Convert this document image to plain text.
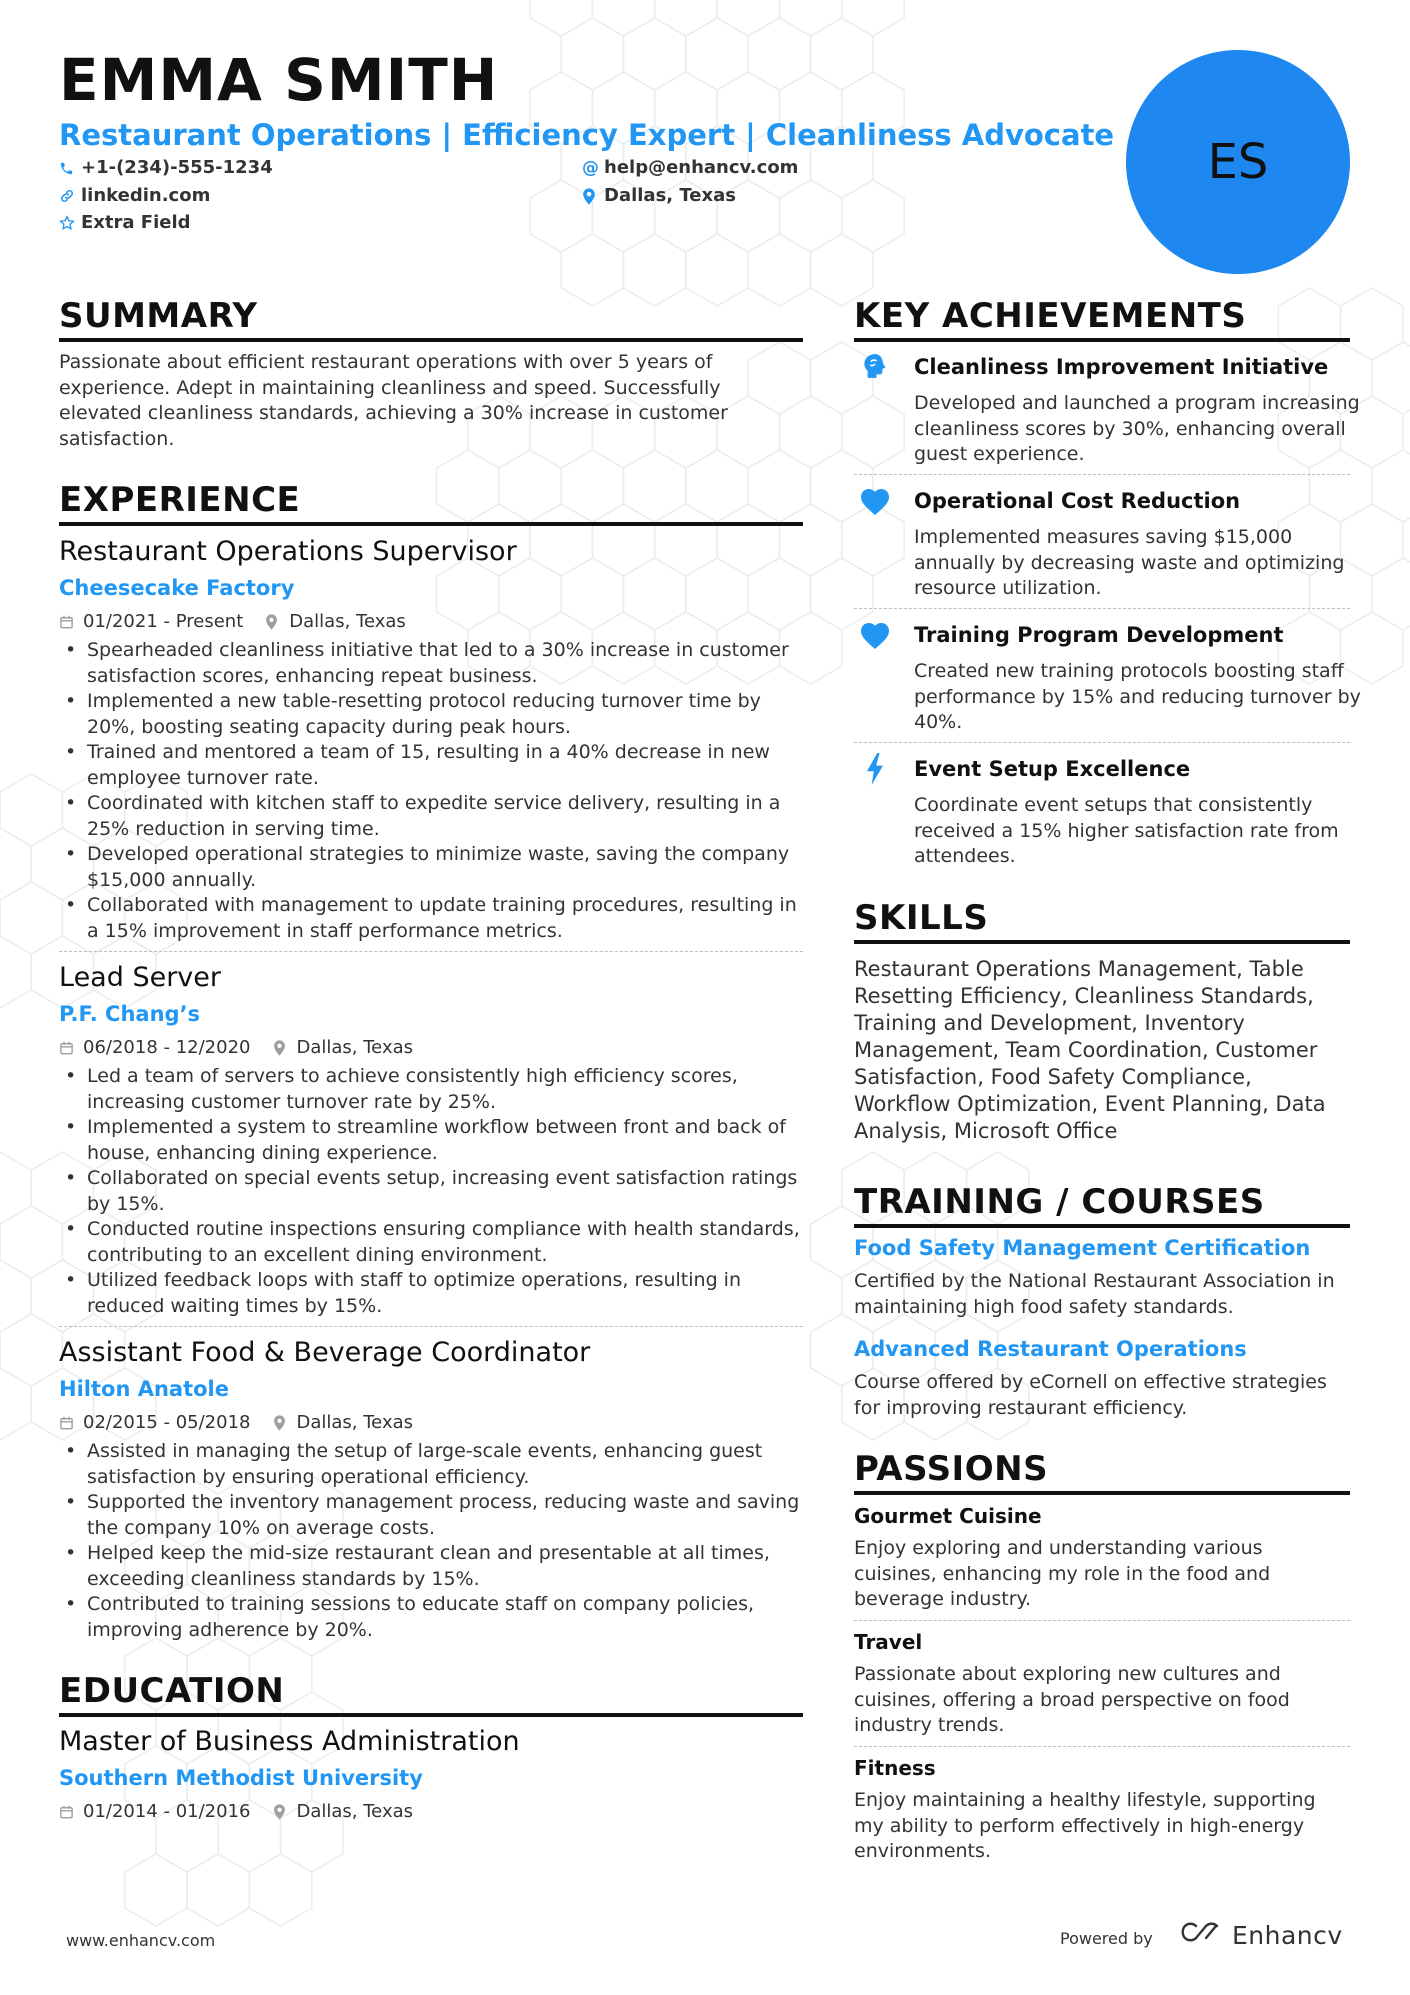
EMMA SMITH
Restaurant Operations | Efficiency Expert | Cleanliness Advocate
+1-(234)-555-1234	@ help@enhancv.com
linkedin.com	Dallas, Texas
Extra Field
ES
SUMMARY
Passionate about efficient restaurant operations with over 5 years of experience. Adept in maintaining cleanliness and speed. Successfully elevated cleanliness standards, achieving a 30% increase in customer satisfaction.
EXPERIENCE
Restaurant Operations Supervisor
Cheesecake Factory
01/2021 - Present	Dallas, Texas
• Spearheaded cleanliness initiative that led to a 30% increase in customer satisfaction scores, enhancing repeat business.
• Implemented a new table-resetting protocol reducing turnover time by 20%, boosting seating capacity during peak hours.
• Trained and mentored a team of 15, resulting in a 40% decrease in new employee turnover rate.
• Coordinated with kitchen staff to expedite service delivery, resulting in a 25% reduction in serving time.
• Developed operational strategies to minimize waste, saving the company $15,000 annually.
• Collaborated with management to update training procedures, resulting in a 15% improvement in staff performance metrics.
Lead Server
P.F. Chang’s
06/2018 - 12/2020	Dallas, Texas
• Led a team of servers to achieve consistently high efficiency scores, increasing customer turnover rate by 25%.
• Implemented a system to streamline workflow between front and back of house, enhancing dining experience.
• Collaborated on special events setup, increasing event satisfaction ratings by 15%.
• Conducted routine inspections ensuring compliance with health standards, contributing to an excellent dining environment.
• Utilized feedback loops with staff to optimize operations, resulting in reduced waiting times by 15%.
Assistant Food & Beverage Coordinator
Hilton Anatole
02/2015 - 05/2018	Dallas, Texas
• Assisted in managing the setup of large-scale events, enhancing guest satisfaction by ensuring operational efficiency.
• Supported the inventory management process, reducing waste and saving the company 10% on average costs.
• Helped keep the mid-size restaurant clean and presentable at all times, exceeding cleanliness standards by 15%.
• Contributed to training sessions to educate staff on company policies, improving adherence by 20%.
EDUCATION
Master of Business Administration
Southern Methodist University
01/2014 - 01/2016	Dallas, Texas
KEY ACHIEVEMENTS
Cleanliness Improvement Initiative
Developed and launched a program increasing cleanliness scores by 30%, enhancing overall guest experience.
Operational Cost Reduction
Implemented measures saving $15,000 annually by decreasing waste and optimizing resource utilization.
Training Program Development
Created new training protocols boosting staff performance by 15% and reducing turnover by 40%.
Event Setup Excellence
Coordinate event setups that consistently received a 15% higher satisfaction rate from attendees.
SKILLS
Restaurant Operations Management, Table Resetting Efficiency, Cleanliness Standards, Training and Development, Inventory Management, Team Coordination, Customer Satisfaction, Food Safety Compliance, Workflow Optimization, Event Planning, Data Analysis, Microsoft Office
TRAINING / COURSES
Food Safety Management Certification
Certified by the National Restaurant Association in maintaining high food safety standards.
Advanced Restaurant Operations
Course offered by eCornell on effective strategies for improving restaurant efficiency.
PASSIONS
Gourmet Cuisine
Enjoy exploring and understanding various cuisines, enhancing my role in the food and beverage industry.
Travel
Passionate about exploring new cultures and cuisines, offering a broad perspective on food industry trends.
Fitness
Enjoy maintaining a healthy lifestyle, supporting my ability to perform effectively in high-energy environments.
www.enhancv.com	Powered by	Enhancv
